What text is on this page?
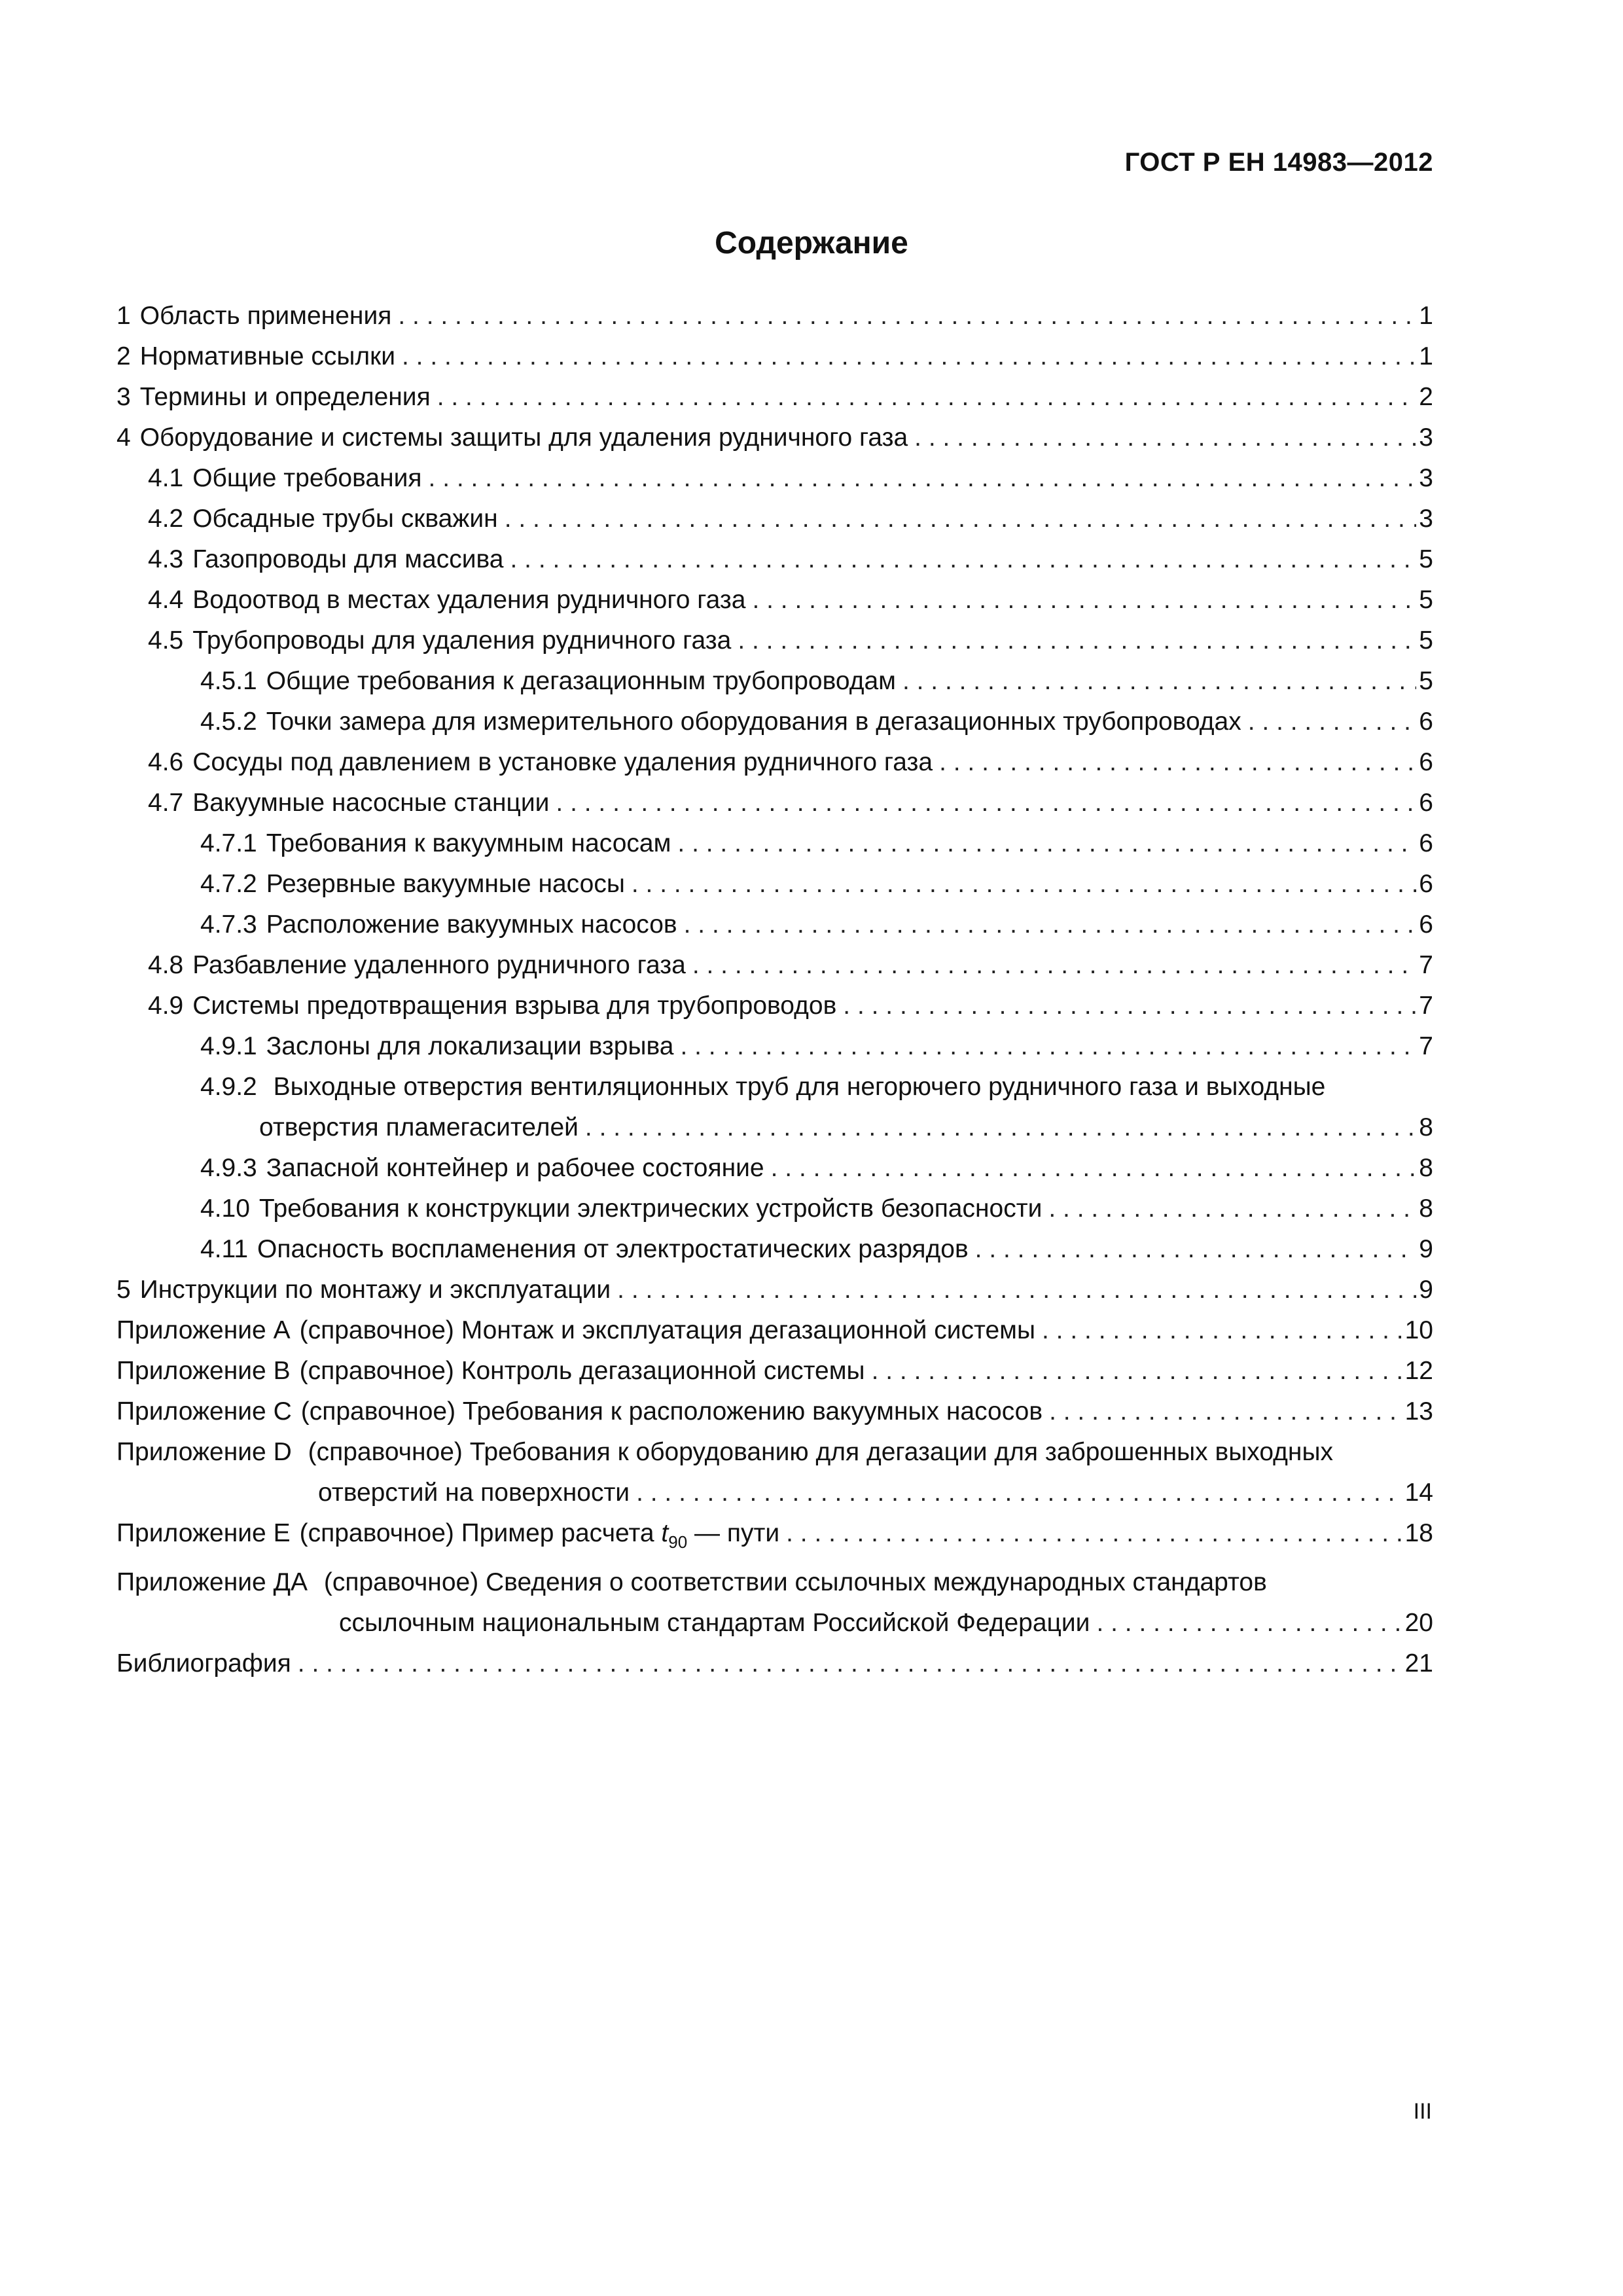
ГОСТ Р ЕН 14983—2012
Содержание
1 Область применения . . .	1
2 Нормативные ссылки . . .	1
3 Термины и определения . . .	2
4 Оборудование и системы защиты для удаления рудничного газа . . .	3
4.1 Общие требования . . .	3
4.2 Обсадные трубы скважин . . .	3
4.3 Газопроводы для массива . . .	5
4.4 Водоотвод в местах удаления рудничного газа . . .	5
4.5 Трубопроводы для удаления рудничного газа . . .	5
4.5.1 Общие требования к дегазационным трубопроводам . . .	5
4.5.2 Точки замера для измерительного оборудования в дегазационных трубопроводах . . .	6
4.6 Сосуды под давлением в установке удаления рудничного газа . . .	6
4.7 Вакуумные насосные станции . . .	6
4.7.1 Требования к вакуумным насосам . . .	6
4.7.2 Резервные вакуумные насосы . . .	6
4.7.3 Расположение вакуумных насосов . . .	6
4.8 Разбавление удаленного рудничного газа . . .	7
4.9 Системы предотвращения взрыва для трубопроводов . . .	7
4.9.1 Заслоны для локализации взрыва . . .	7
4.9.2 Выходные отверстия вентиляционных труб для негорючего рудничного газа и выходные
отверстия пламегасителей . . .	8
4.9.3 Запасной контейнер и рабочее состояние . . .	8
4.10 Требования к конструкции электрических устройств безопасности . . .	8
4.11 Опасность воспламенения от электростатических разрядов . . .	9
5 Инструкции по монтажу и эксплуатации . . .	9
Приложение А (справочное) Монтаж и эксплуатация дегазационной системы . . .	10
Приложение В (справочное) Контроль дегазационной системы . . .	12
Приложение С (справочное) Требования к расположению вакуумных насосов . . .	13
Приложение D (справочное) Требования к оборудованию для дегазации для заброшенных выходных
отверстий на поверхности . . .	14
Приложение Е (справочное) Пример расчета $t_{90}$ — пути . . .	18
Приложение ДА (справочное) Сведения о соответствии ссылочных международных стандартов
ссылочным национальным стандартам Российской Федерации . . .	20
Библиография . . .	21
III
